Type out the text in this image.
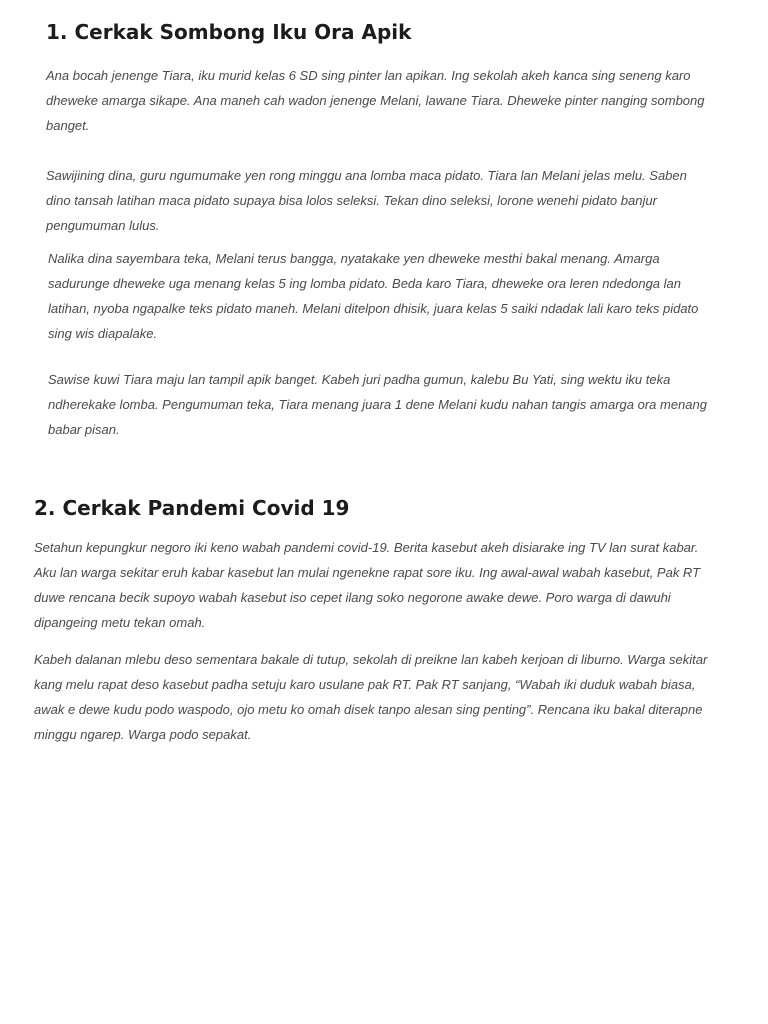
1. Cerkak Sombong Iku Ora Apik

Ana bocah jenenge Tiara, iku murid kelas 6 SD sing pinter lan apikan. Ing sekolah akeh kanca sing seneng karo dheweke amarga sikape. Ana maneh cah wadon jenenge Melani, lawane Tiara. Dheweke pinter nanging sombong banget.

Sawijining dina, guru ngumumake yen rong minggu ana lomba maca pidato. Tiara lan Melani jelas melu. Saben dino tansah latihan maca pidato supaya bisa lolos seleksi. Tekan dino seleksi, lorone wenehi pidato banjur pengumuman lulus.

Nalika dina sayembara teka, Melani terus bangga, nyatakake yen dheweke mesthi bakal menang. Amarga sadurunge dheweke uga menang kelas 5 ing lomba pidato. Beda karo Tiara, dheweke ora leren ndedonga lan latihan, nyoba ngapalke teks pidato maneh. Melani ditelpon dhisik, juara kelas 5 saiki ndadak lali karo teks pidato sing wis diapalake.

Sawise kuwi Tiara maju lan tampil apik banget. Kabeh juri padha gumun, kalebu Bu Yati, sing wektu iku teka ndherekake lomba. Pengumuman teka, Tiara menang juara 1 dene Melani kudu nahan tangis amarga ora menang babar pisan.

2. Cerkak Pandemi Covid 19

Setahun kepungkur negoro iki keno wabah pandemi covid-19. Berita kasebut akeh disiarake ing TV lan surat kabar. Aku lan warga sekitar eruh kabar kasebut lan mulai ngenekne rapat sore iku. Ing awal-awal wabah kasebut, Pak RT duwe rencana becik supoyo wabah kasebut iso cepet ilang soko negorone awake dewe. Poro warga di dawuhi dipangeing metu tekan omah.

Kabeh dalanan mlebu deso sementara bakale di tutup, sekolah di preikne lan kabeh kerjoan di liburno. Warga sekitar kang melu rapat deso kasebut padha setuju karo usulane pak RT. Pak RT sanjang, “Wabah iki duduk wabah biasa, awak e dewe kudu podo waspodo, ojo metu ko omah disek tanpo alesan sing penting”. Rencana iku bakal diterapne minggu ngarep. Warga podo sepakat.
